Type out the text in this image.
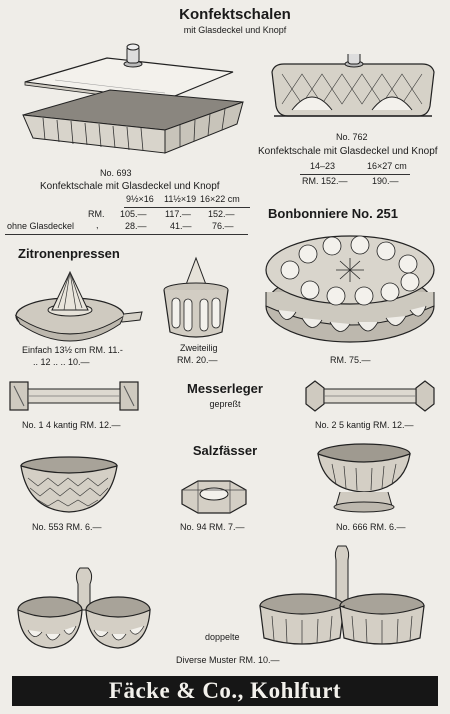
Konfektschalen
mit Glasdeckel und Knopf
No. 693
Konfektschale mit Glasdeckel und Knopf
9½×16 11½×19 16×22 cm
RM. 105.— 117.— 152.—
ohne Glasdeckel ,	28.—	41.— 76.—
No. 762
Konfektschale mit Glasdeckel und Knopf
14–23	16×27 cm
RM. 152.—	190.—
Bonbonniere No. 251
RM. 75.—
Zitronenpressen
Einfach 13½ cm RM. 11.-
.. 12 .. .. 10.—
Zweiteilig
RM. 20.—
Messerleger
gepreßt
No. 1 4 kantig RM. 12.—	No. 2 5 kantig RM. 12.—
Salzfässer
No. 553 RM. 6.—	No. 94 RM. 7.—	No. 666 RM. 6.—
doppelte
Diverse Muster RM. 10.—
Fäcke & Co., Kohlfurt
